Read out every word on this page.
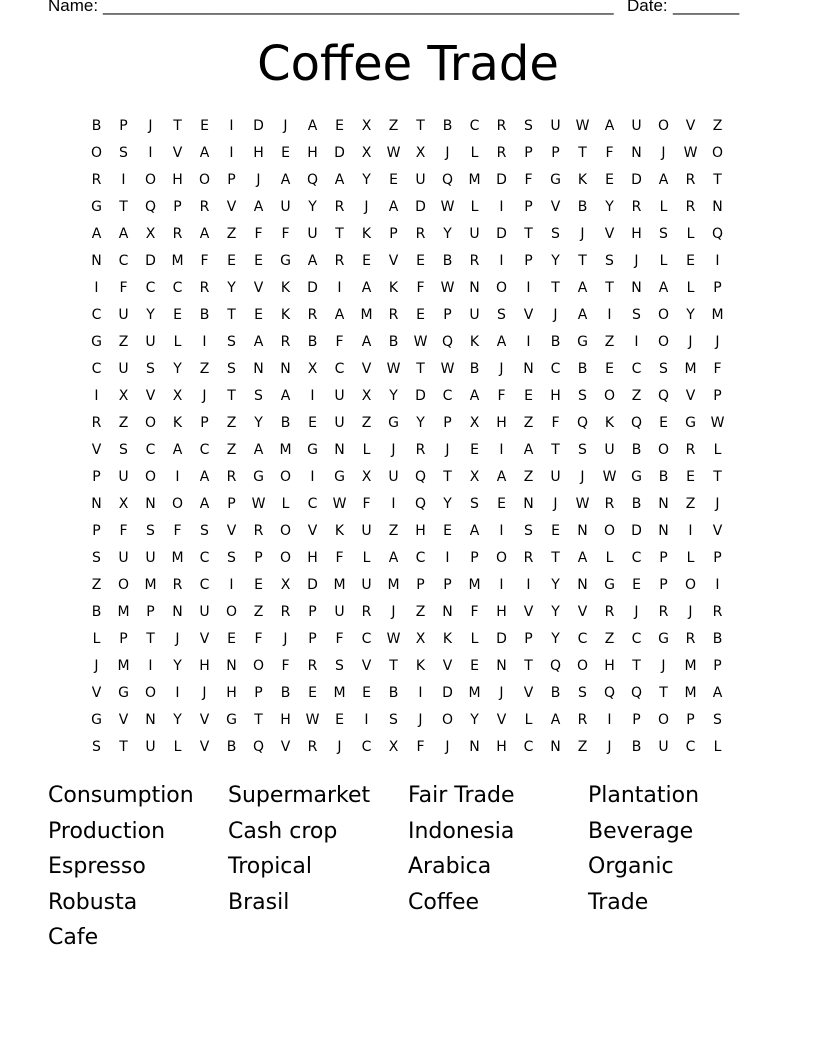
Name: ______________________________________________________ Date: _______
Coffee Trade
B	P	J	T	E	I	D	J	A	E	X	Z	T	B	C	R	S	U	W	A	U	O	V	Z
O	S	I	V	A	I	H	E	H	D	X	W	X	J	L	R	P	P	T	F	N	J	W	O
R	I	O	H	O	P	J	A	Q	A	Y	E	U	Q	M	D	F	G	K	E	D	A	R	T
G	T	Q	P	R	V	A	U	Y	R	J	A	D	W	L	I	P	V	B	Y	R	L	R	N
A	A	X	R	A	Z	F	F	U	T	K	P	R	Y	U	D	T	S	J	V	H	S	L	Q
N	C	D	M	F	E	E	G	A	R	E	V	E	B	R	I	P	Y	T	S	J	L	E	I
I	F	C	C	R	Y	V	K	D	I	A	K	F	W	N	O	I	T	A	T	N	A	L	P
C	U	Y	E	B	T	E	K	R	A	M	R	E	P	U	S	V	J	A	I	S	O	Y	M
G	Z	U	L	I	S	A	R	B	F	A	B	W	Q	K	A	I	B	G	Z	I	O	J	J
C	U	S	Y	Z	S	N	N	X	C	V	W	T	W	B	J	N	C	B	E	C	S	M	F
I	X	V	X	J	T	S	A	I	U	X	Y	D	C	A	F	E	H	S	O	Z	Q	V	P
R	Z	O	K	P	Z	Y	B	E	U	Z	G	Y	P	X	H	Z	F	Q	K	Q	E	G	W
V	S	C	A	C	Z	A	M	G	N	L	J	R	J	E	I	A	T	S	U	B	O	R	L
P	U	O	I	A	R	G	O	I	G	X	U	Q	T	X	A	Z	U	J	W	G	B	E	T
N	X	N	O	A	P	W	L	C	W	F	I	Q	Y	S	E	N	J	W	R	B	N	Z	J
P	F	S	F	S	V	R	O	V	K	U	Z	H	E	A	I	S	E	N	O	D	N	I	V
S	U	U	M	C	S	P	O	H	F	L	A	C	I	P	O	R	T	A	L	C	P	L	P
Z	O	M	R	C	I	E	X	D	M	U	M	P	P	M	I	I	Y	N	G	E	P	O	I
B	M	P	N	U	O	Z	R	P	U	R	J	Z	N	F	H	V	Y	V	R	J	R	J	R
L	P	T	J	V	E	F	J	P	F	C	W	X	K	L	D	P	Y	C	Z	C	G	R	B
J	M	I	Y	H	N	O	F	R	S	V	T	K	V	E	N	T	Q	O	H	T	J	M	P
V	G	O	I	J	H	P	B	E	M	E	B	I	D	M	J	V	B	S	Q	Q	T	M	A
G	V	N	Y	V	G	T	H	W	E	I	S	J	O	Y	V	L	A	R	I	P	O	P	S
S	T	U	L	V	B	Q	V	R	J	C	X	F	J	N	H	C	N	Z	J	B	U	C	L
Consumption	Supermarket	Fair Trade	Plantation
Production	Cash crop	Indonesia	Beverage
Espresso	Tropical	Arabica	Organic
Robusta	Brasil	Coffee	Trade
Cafe
